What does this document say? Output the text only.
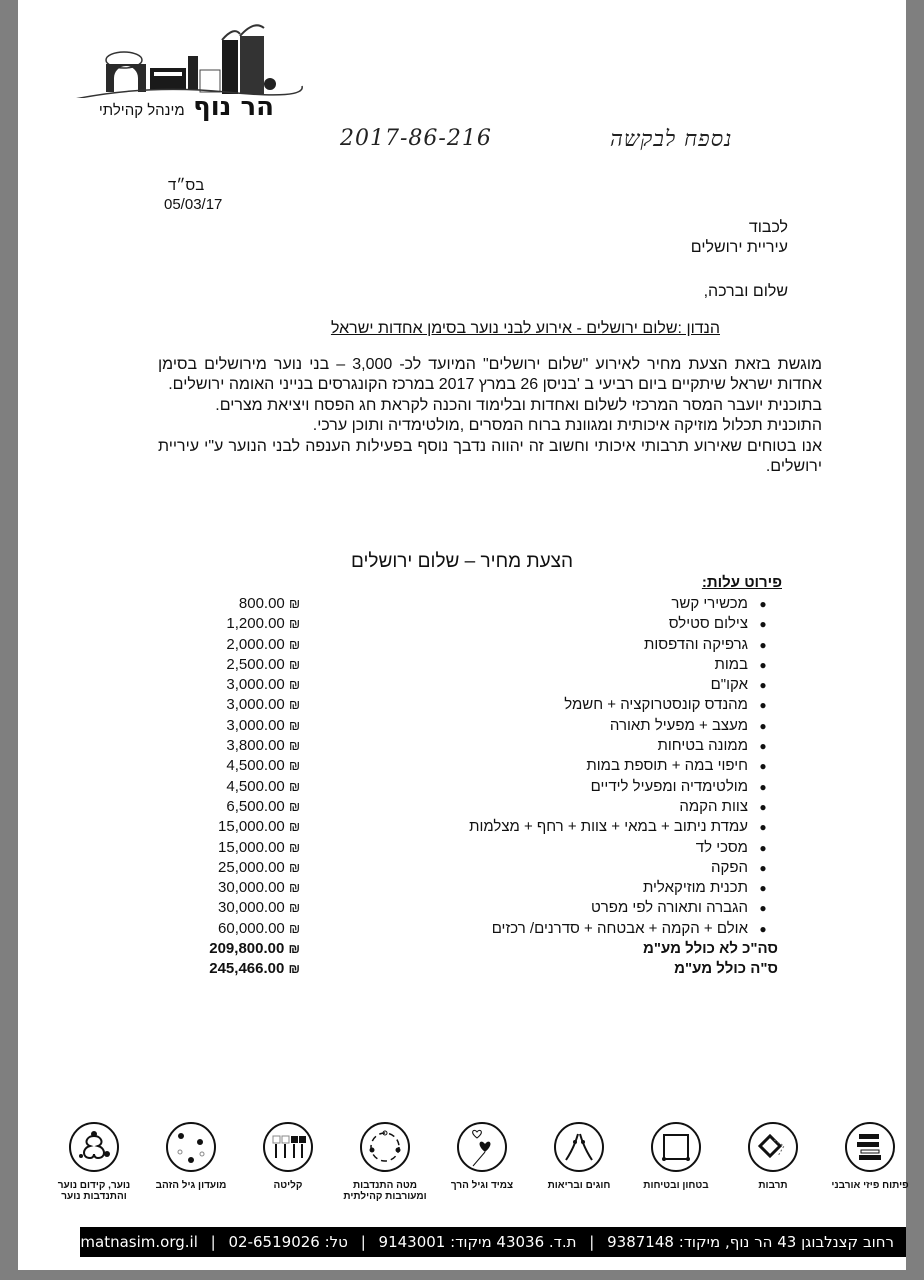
הר נוף מינהל קהילתי
2017-86-216	נספח לבקשה
בס״ד
05/03/17
לכבוד
עיריית ירושלים
שלום וברכה,
הנדון :שלום ירושלים - אירוע לבני נוער בסימן אחדות ישראל

מוגשת בזאת הצעת מחיר לאירוע "שלום ירושלים" המיועד לכ- 3,000 – בני נוער מירושלים בסימן אחדות ישראל שיתקיים ביום רביעי ב 'בניסן 26 במרץ 2017 במרכז הקונגרסים בנייני האומה ירושלים.

בתוכנית יועבר המסר המרכזי לשלום ואחדות ובלימוד והכנה לקראת חג הפסח ויציאת מצרים.

התוכנית תכלול מוזיקה איכותית ומגוונת ברוח המסרים ,מולטימדיה ותוכן ערכי.

אנו בטוחים שאירוע תרבותי איכותי וחשוב זה יהווה נדבך נוסף בפעילות הענפה לבני הנוער ע"י עיריית ירושלים.

הצעת מחיר – שלום ירושלים
פירוט עלות:
●מכשירי קשר
800.00 ₪
●צילום סטילס
1,200.00 ₪
●גרפיקה והדפסות
2,000.00 ₪
●במות
2,500.00 ₪
●אקו"ם
3,000.00 ₪
●מהנדס קונסטרוקציה + חשמל
3,000.00 ₪
●מעצב + מפעיל תאורה
3,000.00 ₪
●ממונה בטיחות
3,800.00 ₪
●חיפוי במה + תוספת במות
4,500.00 ₪
●מולטימדיה ומפעיל לידיים
4,500.00 ₪
●צוות הקמה
6,500.00 ₪
●עמדת ניתוב + במאי + צוות + רחף + מצלמות
15,000.00 ₪
●מסכי לד
15,000.00 ₪
●הפקה
25,000.00 ₪
●תכנית מוזיקאלית
30,000.00 ₪
●הגברה ותאורה לפי מפרט
30,000.00 ₪
●אולם + הקמה + אבטחה + סדרנים/ רכזים
60,000.00 ₪
סה"כ לא כולל מע"מ
209,800.00 ₪
ס"ה כולל מע"מ
245,466.00 ₪
פיתוח פיזי אורבני
תרבות
בטחון ובטיחות
חוגים ובריאות
צמיד וגיל הרך
מטה התנדבות ומעורבות קהילתית
קליטה
מועדון גיל הזהב
נוער, קידום נוער והתנדבות נוער
רחוב קצנלבוגן 43 הר נוף, מיקוד: 9387148 | ת.ד. 43036 מיקוד: 9143001 | טל: 02-6519026 | harnof@matnasim.org.il
